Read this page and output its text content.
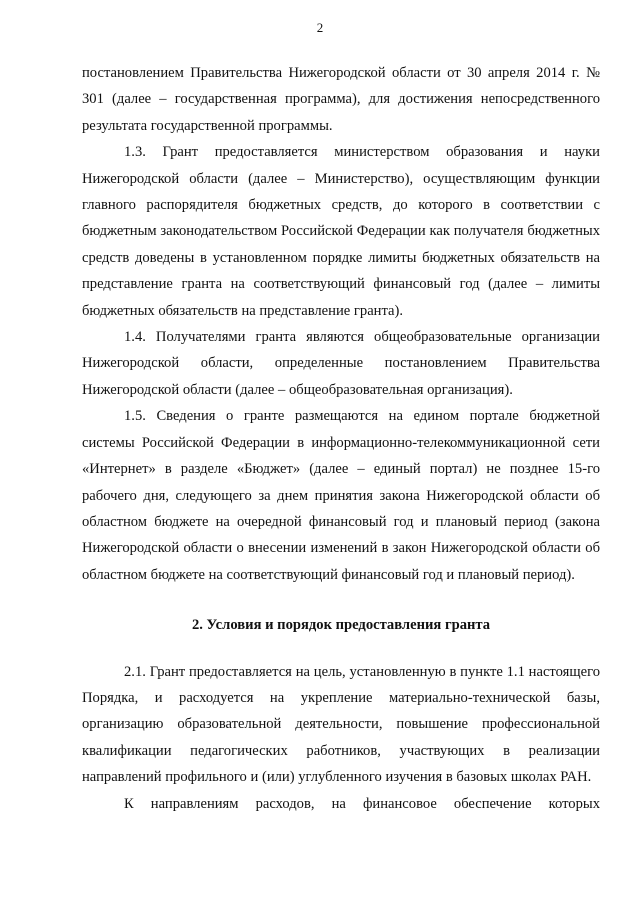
2

постановлением Правительства Нижегородской области от 30 апреля 2014 г. № 301 (далее – государственная программа), для достижения непосредственного результата государственной программы.

1.3. Грант предоставляется министерством образования и науки Нижегородской области (далее – Министерство), осуществляющим функции главного распорядителя бюджетных средств, до которого в соответствии с бюджетным законодательством Российской Федерации как получателя бюджетных средств доведены в установленном порядке лимиты бюджетных обязательств на представление гранта на соответствующий финансовый год (далее – лимиты бюджетных обязательств на представление гранта).

1.4. Получателями гранта являются общеобразовательные организации Нижегородской области, определенные постановлением Правительства Нижегородской области (далее – общеобразовательная организация).

1.5. Сведения о гранте размещаются на едином портале бюджетной системы Российской Федерации в информационно-телекоммуникационной сети «Интернет» в разделе «Бюджет» (далее – единый портал) не позднее 15-го рабочего дня, следующего за днем принятия закона Нижегородской области об областном бюджете на очередной финансовый год и плановый период (закона Нижегородской области о внесении изменений в закон Нижегородской области об областном бюджете на соответствующий финансовый год и плановый период).

2. Условия и порядок предоставления гранта

2.1. Грант предоставляется на цель, установленную в пункте 1.1 настоящего Порядка, и расходуется на укрепление материально-технической базы, организацию образовательной деятельности, повышение профессиональной квалификации педагогических работников, участвующих в реализации направлений профильного и (или) углубленного изучения в базовых школах РАН.

К направлениям расходов, на финансовое обеспечение которых
